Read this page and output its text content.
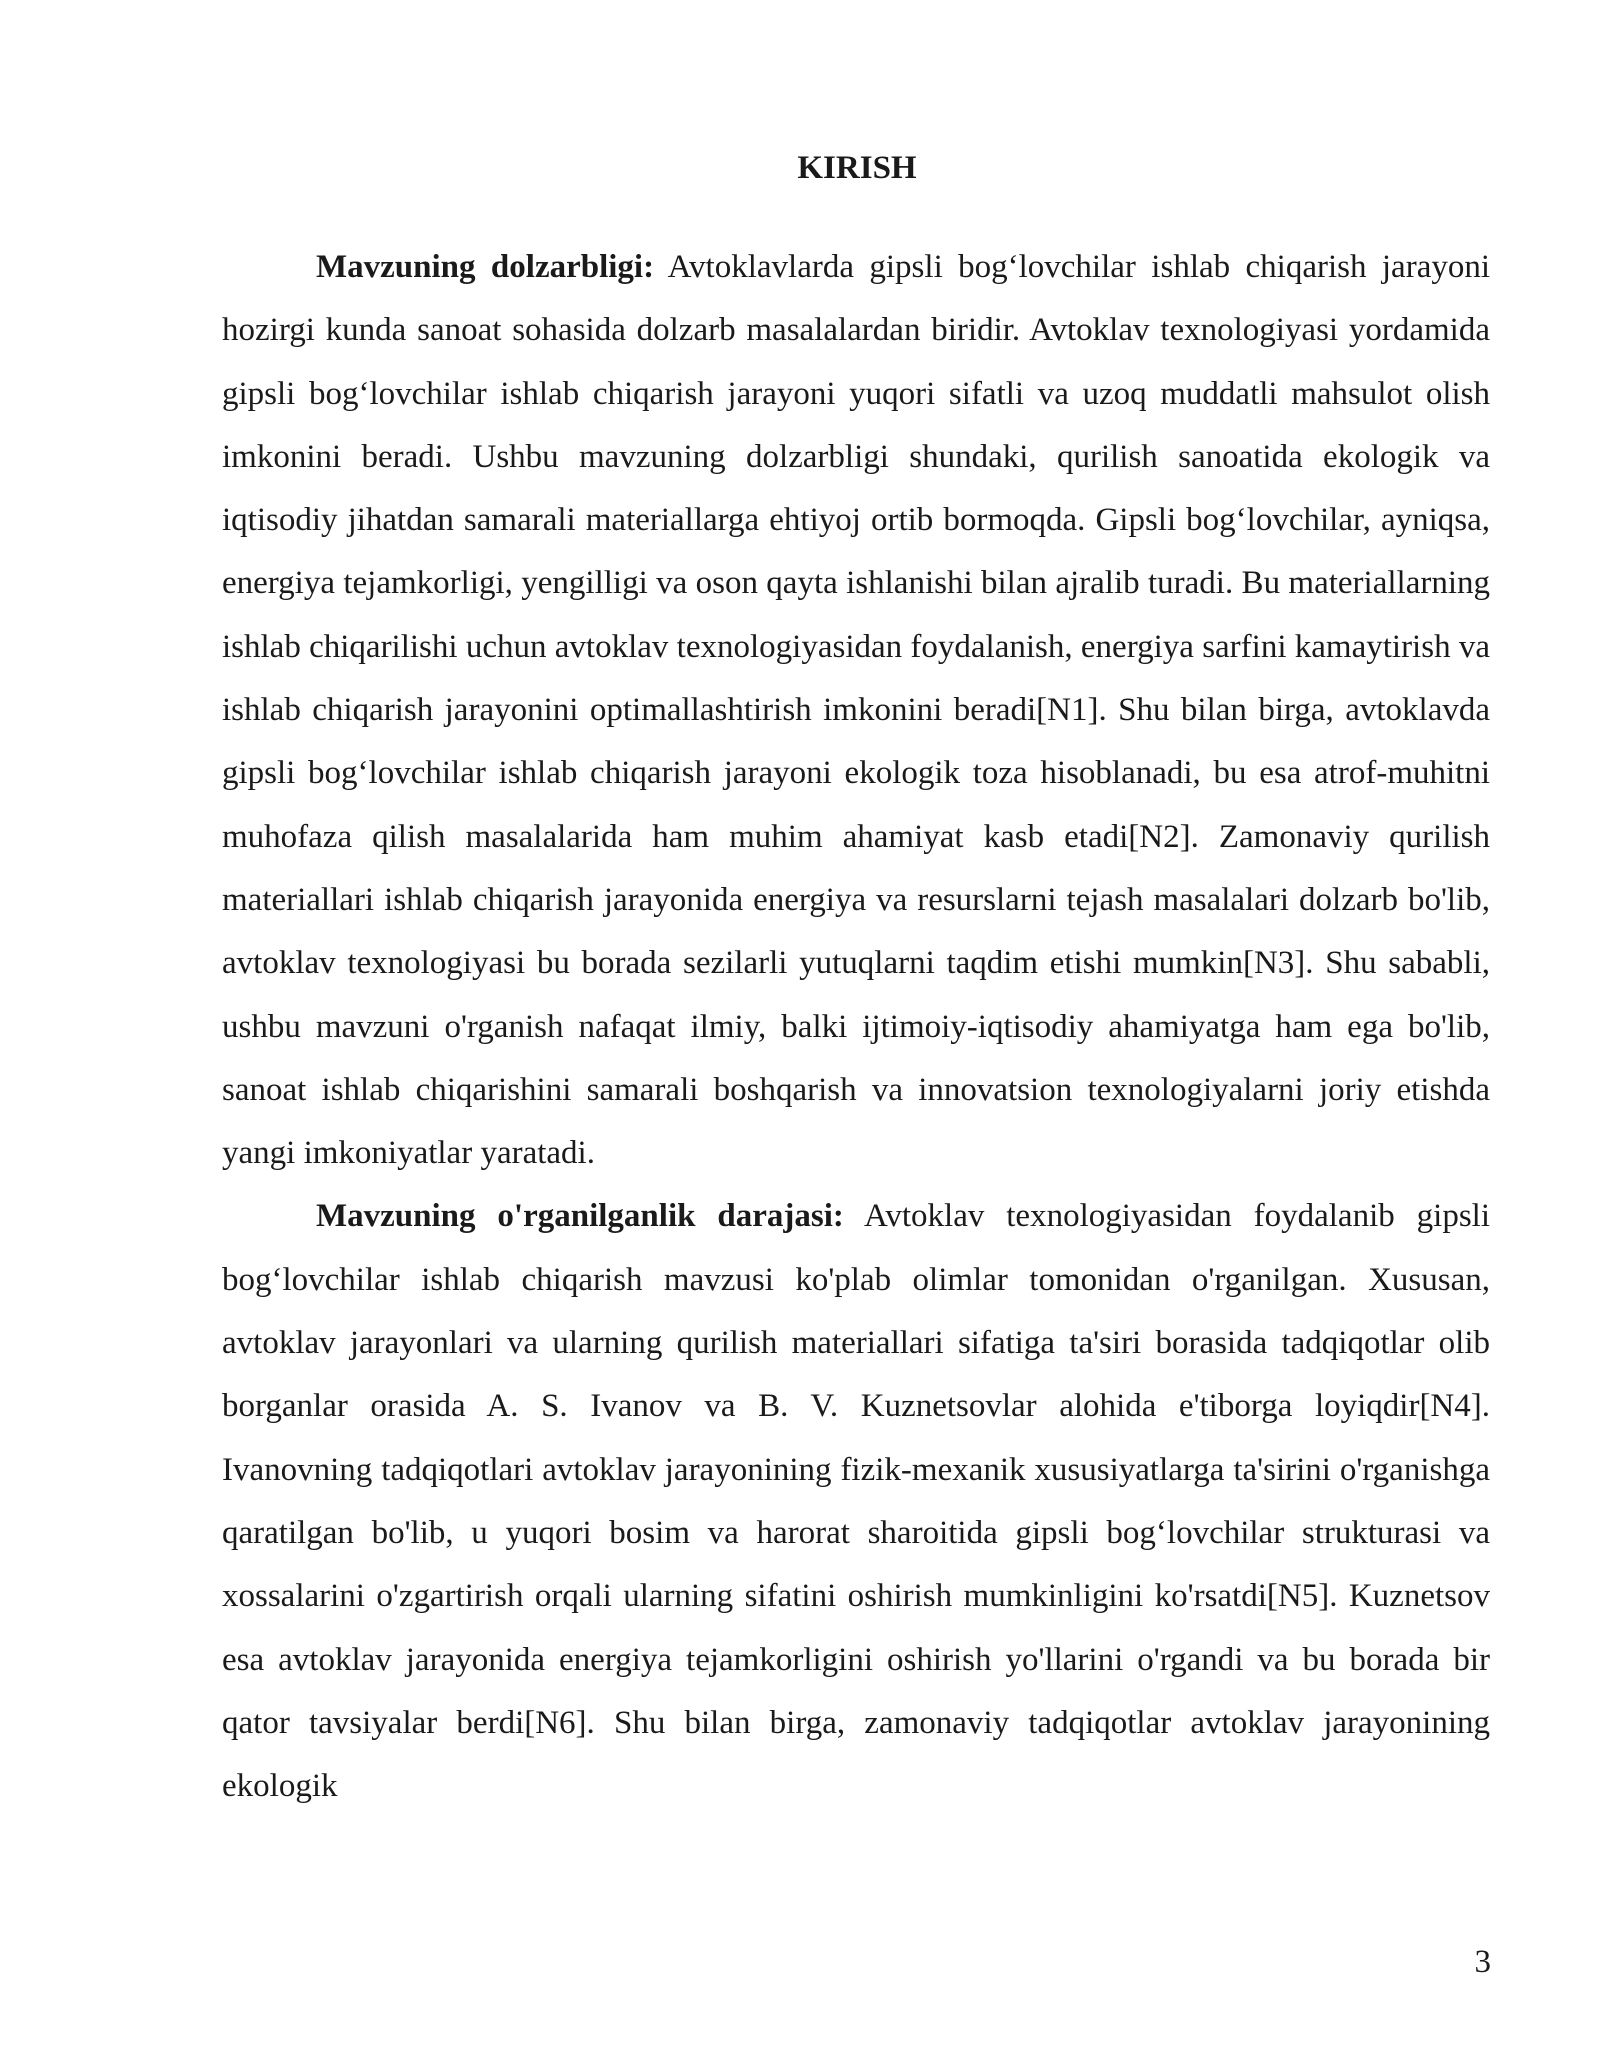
KIRISH

Mavzuning dolzarbligi: Avtoklavlarda gipsli bog‘lovchilar ishlab chiqarish jarayoni hozirgi kunda sanoat sohasida dolzarb masalalardan biridir. Avtoklav texnologiyasi yordamida gipsli bog‘lovchilar ishlab chiqarish jarayoni yuqori sifatli va uzoq muddatli mahsulot olish imkonini beradi. Ushbu mavzuning dolzarbligi shundaki, qurilish sanoatida ekologik va iqtisodiy jihatdan samarali materiallarga ehtiyoj ortib bormoqda. Gipsli bog‘lovchilar, ayniqsa, energiya tejamkorligi, yengilligi va oson qayta ishlanishi bilan ajralib turadi. Bu materiallarning ishlab chiqarilishi uchun avtoklav texnologiyasidan foydalanish, energiya sarfini kamaytirish va ishlab chiqarish jarayonini optimallashtirish imkonini beradi[N1]. Shu bilan birga, avtoklavda gipsli bog‘lovchilar ishlab chiqarish jarayoni ekologik toza hisoblanadi, bu esa atrof-muhitni muhofaza qilish masalalarida ham muhim ahamiyat kasb etadi[N2]. Zamonaviy qurilish materiallari ishlab chiqarish jarayonida energiya va resurslarni tejash masalalari dolzarb bo'lib, avtoklav texnologiyasi bu borada sezilarli yutuqlarni taqdim etishi mumkin[N3]. Shu sababli, ushbu mavzuni o'rganish nafaqat ilmiy, balki ijtimoiy-iqtisodiy ahamiyatga ham ega bo'lib, sanoat ishlab chiqarishini samarali boshqarish va innovatsion texnologiyalarni joriy etishda yangi imkoniyatlar yaratadi.

Mavzuning o'rganilganlik darajasi: Avtoklav texnologiyasidan foydalanib gipsli bog‘lovchilar ishlab chiqarish mavzusi ko'plab olimlar tomonidan o'rganilgan. Xususan, avtoklav jarayonlari va ularning qurilish materiallari sifatiga ta'siri borasida tadqiqotlar olib borganlar orasida A. S. Ivanov va B. V. Kuznetsovlar alohida e'tiborga loyiqdir[N4]. Ivanovning tadqiqotlari avtoklav jarayonining fizik-mexanik xususiyatlarga ta'sirini o'rganishga qaratilgan bo'lib, u yuqori bosim va harorat sharoitida gipsli bog‘lovchilar strukturasi va xossalarini o'zgartirish orqali ularning sifatini oshirish mumkinligini ko'rsatdi[N5]. Kuznetsov esa avtoklav jarayonida energiya tejamkorligini oshirish yo'llarini o'rgandi va bu borada bir qator tavsiyalar berdi[N6]. Shu bilan birga, zamonaviy tadqiqotlar avtoklav jarayonining ekologik

3
